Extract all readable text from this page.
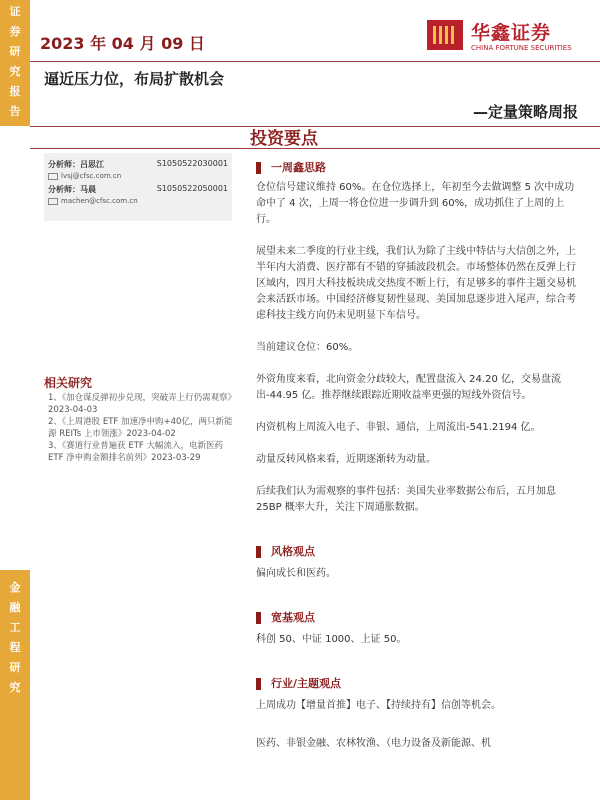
证
券
研
究
报
告
金
融
工
程
研
究
2023 年 04 月 09 日	华鑫证券
CHINA FORTUNE SECURITIES
逼近压力位，布局扩散机会
—定量策略周报
投资要点
分析师：吕思江	S1050522030001
lvsj@cfsc.com.cn
分析师：马晨	S1050522050001
machen@cfsc.com.cn
相关研究
1、《加仓谋反弹初步兑现，突破弄上行仍需观察》2023-04-03
2、《上周港股 ETF 加速净申购+40亿，两只新能源 REITs 上市领涨》2023-04-02
3、《赛道行业普遍获 ETF 大幅流入，电新医药 ETF 净申购金额排名前列》2023-03-29
一周鑫思路
仓位信号建议维持 60%。在仓位选择上，年初至今去做调整 5 次中成功命中了 4 次，上周一将仓位进一步调升到 60%，成功抓住了上周的上行。
展望未来二季度的行业主线，我们认为除了主线中特估与大信创之外，上半年内大消费、医疗都有不错的穿插波段机会。市场整体仍然在反弹上行区域内，四月大科技板块成交热度不断上行，有足够多的事件主题交易机会来活跃市场。中国经济修复韧性显现、美国加息逐步进入尾声，综合考虑科技主线方向仍未见明显下车信号。
当前建议仓位：60%。
外资角度来看，北向资金分歧较大，配置盘流入 24.20 亿，交易盘流出-44.95 亿。推荐继续跟踪近期收益率更强的短线外资信号。
内资机构上周流入电子、非银、通信，上周流出-541.2194 亿。
动量反转风格来看，近期逐渐转为动量。
后续我们认为需观察的事件包括：美国失业率数据公布后，五月加息 25BP 概率大升，关注下周通胀数据。
风格观点
偏向成长和医药。
宽基观点
科创 50、中证 1000、上证 50。
行业/主题观点
上周成功【增量首推】电子、【持续持有】信创等机会。
医药、非银金融、农林牧渔、（电力设备及新能源、机
